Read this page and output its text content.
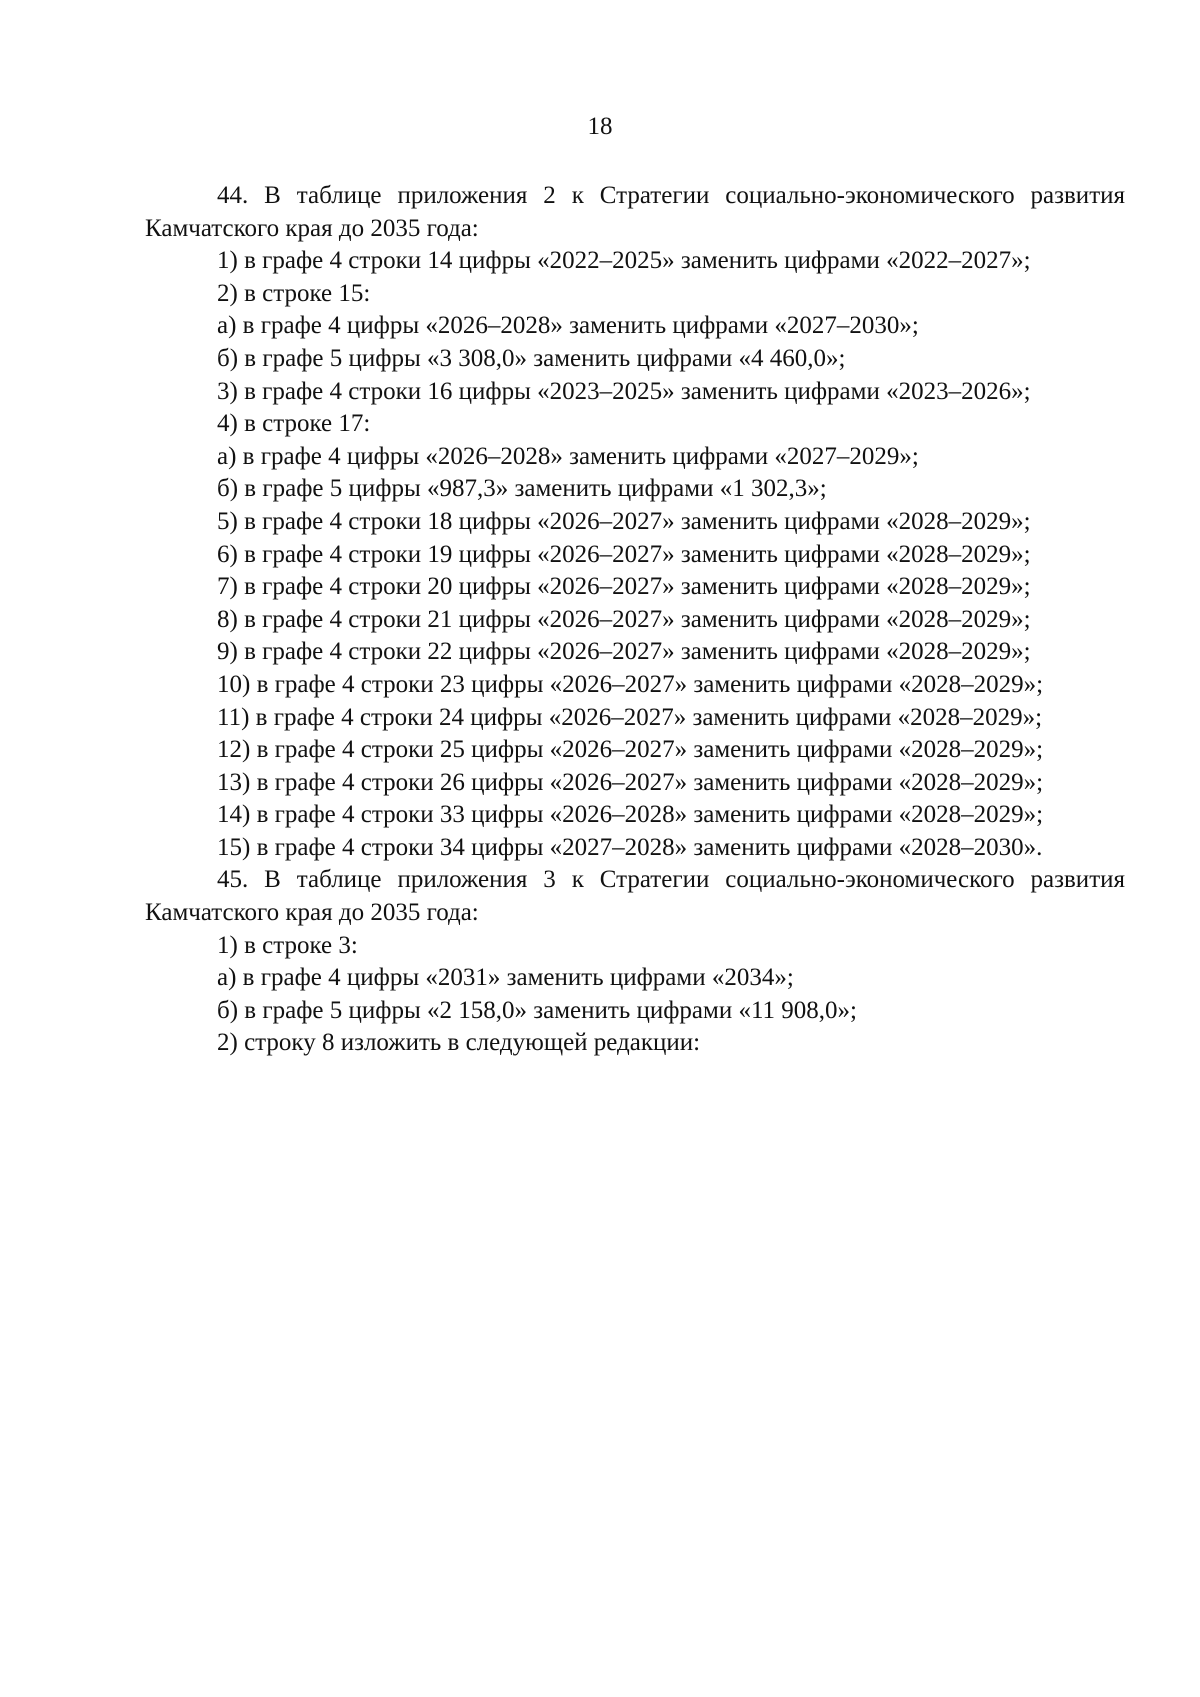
18

44. В таблице приложения 2 к Стратегии социально-экономического развития Камчатского края до 2035 года:

1) в графе 4 строки 14 цифры «2022–2025» заменить цифрами «2022–2027»;

2) в строке 15:

а) в графе 4 цифры «2026–2028» заменить цифрами «2027–2030»;

б) в графе 5 цифры «3 308,0» заменить цифрами «4 460,0»;

3) в графе 4 строки 16 цифры «2023–2025» заменить цифрами «2023–2026»;

4) в строке 17:

а) в графе 4 цифры «2026–2028» заменить цифрами «2027–2029»;

б) в графе 5 цифры «987,3» заменить цифрами «1 302,3»;

5) в графе 4 строки 18 цифры «2026–2027» заменить цифрами «2028–2029»;

6) в графе 4 строки 19 цифры «2026–2027» заменить цифрами «2028–2029»;

7) в графе 4 строки 20 цифры «2026–2027» заменить цифрами «2028–2029»;

8) в графе 4 строки 21 цифры «2026–2027» заменить цифрами «2028–2029»;

9) в графе 4 строки 22 цифры «2026–2027» заменить цифрами «2028–2029»;

10) в графе 4 строки 23 цифры «2026–2027» заменить цифрами «2028–2029»;

11) в графе 4 строки 24 цифры «2026–2027» заменить цифрами «2028–2029»;

12) в графе 4 строки 25 цифры «2026–2027» заменить цифрами «2028–2029»;

13) в графе 4 строки 26 цифры «2026–2027» заменить цифрами «2028–2029»;

14) в графе 4 строки 33 цифры «2026–2028» заменить цифрами «2028–2029»;

15) в графе 4 строки 34 цифры «2027–2028» заменить цифрами «2028–2030».

45. В таблице приложения 3 к Стратегии социально-экономического развития Камчатского края до 2035 года:

1) в строке 3:

а) в графе 4 цифры «2031» заменить цифрами «2034»;

б) в графе 5 цифры «2 158,0» заменить цифрами «11 908,0»;

2) строку 8 изложить в следующей редакции:
